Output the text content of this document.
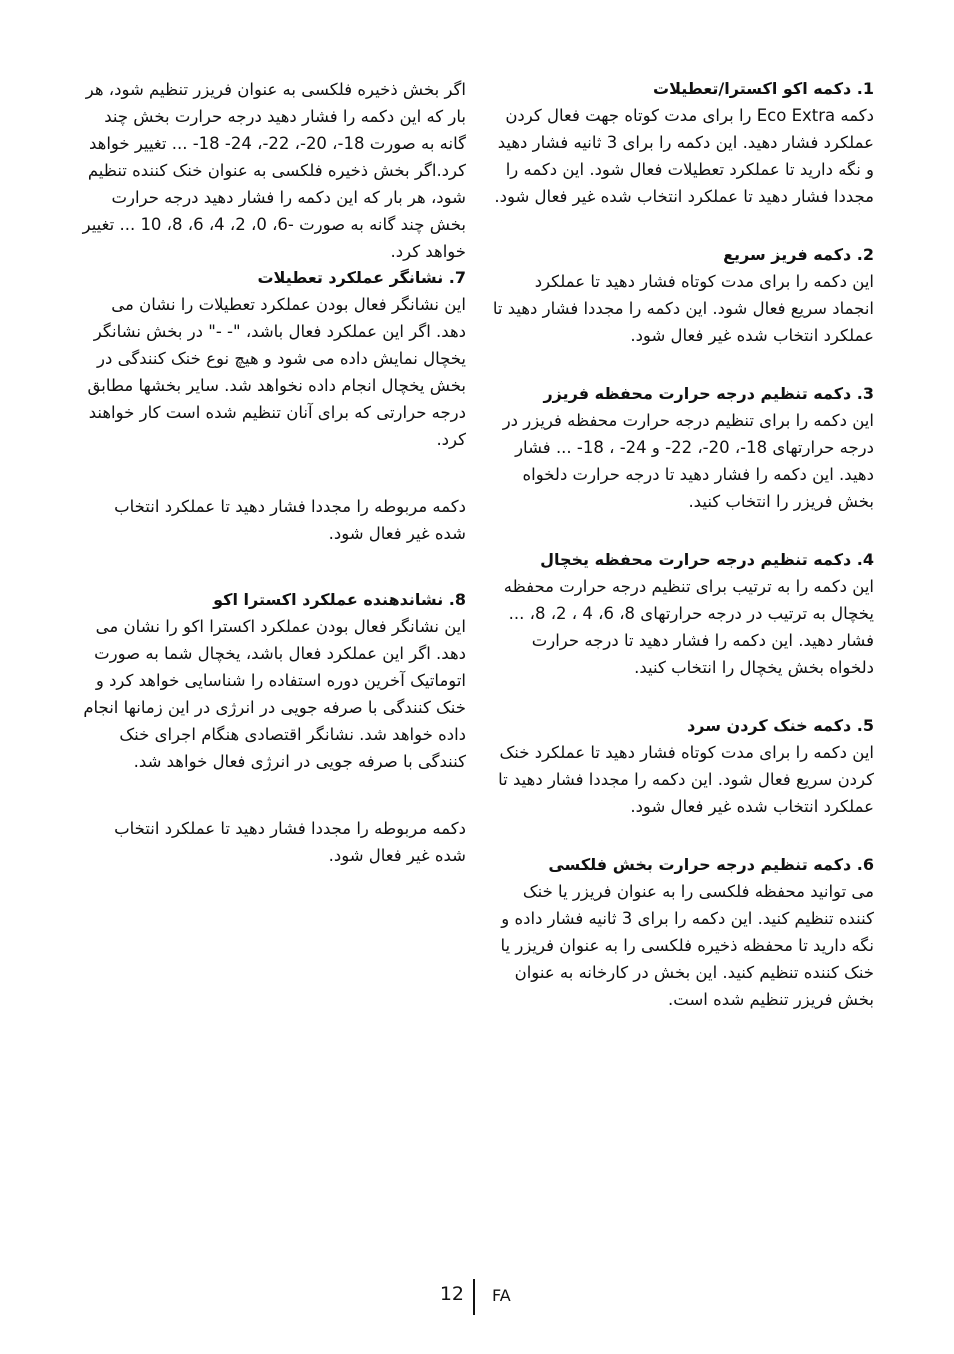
1. دکمه اکو اکسترا/تعطیلات

دکمه Eco Extra را برای مدت کوتاه جهت فعال کردن عملکرد فشار دهید. این دکمه را برای 3 ثانیه فشار دهید و نگه دارید تا عملکرد تعطیلات فعال شود. این دکمه را مجددا فشار دهید تا عملکرد انتخاب شده غیر فعال شود.

2. دکمه فریز سریع

این دکمه را برای مدت کوتاه فشار دهید تا عملکرد انجماد سریع فعال شود. این دکمه را مجددا فشار دهید تا عملکرد انتخاب شده غیر فعال شود.

3. دکمه تنظیم درجه حرارت محفظه فریزر

این دکمه را برای تنظیم درجه حرارت محفظه فریزر در درجه حرارتهای 18-، 20-، 22- و 24- ، 18- ... فشار دهید. این دکمه را فشار دهید تا درجه حرارت دلخواه بخش فریزر را انتخاب کنید.

4. دکمه تنظیم درجه حرارت محفظه یخچال

این دکمه را به ترتیب برای تنظیم درجه حرارت محفظه یخچال به ترتیب در درجه حرارتهای 8، 6، 4 ، 2، 8، ... فشار دهید. این دکمه را فشار دهید تا درجه حرارت دلخواه بخش یخچال را انتخاب کنید.

5. دکمه خنک کردن سرد

این دکمه را برای مدت کوتاه فشار دهید تا عملکرد خنک کردن سریع فعال شود. این دکمه را مجددا فشار دهید تا عملکرد انتخاب شده غیر فعال شود.

6. دکمه تنظیم درجه حرارت بخش فلکسی

می توانید محفظه فلکسی را به عنوان فریزر یا خنک کننده تنظیم کنید. این دکمه را برای 3 ثانیه فشار داده و نگه دارید تا محفظه ذخیره فلکسی را به عنوان فریزر یا خنک کننده تنظیم کنید. این بخش در کارخانه به عنوان بخش فریزر تنظیم شده است.

اگر بخش ذخیره فلکسی به عنوان فریزر تنظیم شود، هر بار که این دکمه را فشار دهید درجه حرارت بخش چند گانه به صورت 18-، 20-، 22-، 24- 18- ... تغییر خواهد کرد.اگر بخش ذخیره فلکسی به عنوان خنک کننده تنظیم شود، هر بار که این دکمه را فشار دهید درجه حرارت بخش چند گانه به صورت -6، 0، 2، 4، 6، 8، 10 ... تغییر خواهد کرد.

7. نشانگر عملکرد تعطیلات

این نشانگر فعال بودن عملکرد تعطیلات را نشان می دهد. اگر این عملکرد فعال باشد، "- -" در بخش نشانگر یخچال نمایش داده می شود و هیچ نوع خنک کنندگی در بخش یخچال انجام داده نخواهد شد. سایر بخشها مطابق درجه حرارتی که برای آنان تنظیم شده است کار خواهند کرد.

دکمه مربوطه را مجددا فشار دهید تا عملکرد انتخاب شده غیر فعال شود.

8. نشاندهنده عملکرد اکسترا اکو

این نشانگر فعال بودن عملکرد اکسترا اکو را نشان می دهد. اگر این عملکرد فعال باشد، یخچال شما به صورت اتوماتیک آخرین دوره استفاده را شناسایی خواهد کرد و خنک کنندگی با صرفه جویی در انرژی در این زمانها انجام داده خواهد شد. نشانگر اقتصادی هنگام اجرای خنک کنندگی با صرفه جویی در انرژی فعال خواهد شد.

دکمه مربوطه را مجددا فشار دهید تا عملکرد انتخاب شده غیر فعال شود.

12 FA
